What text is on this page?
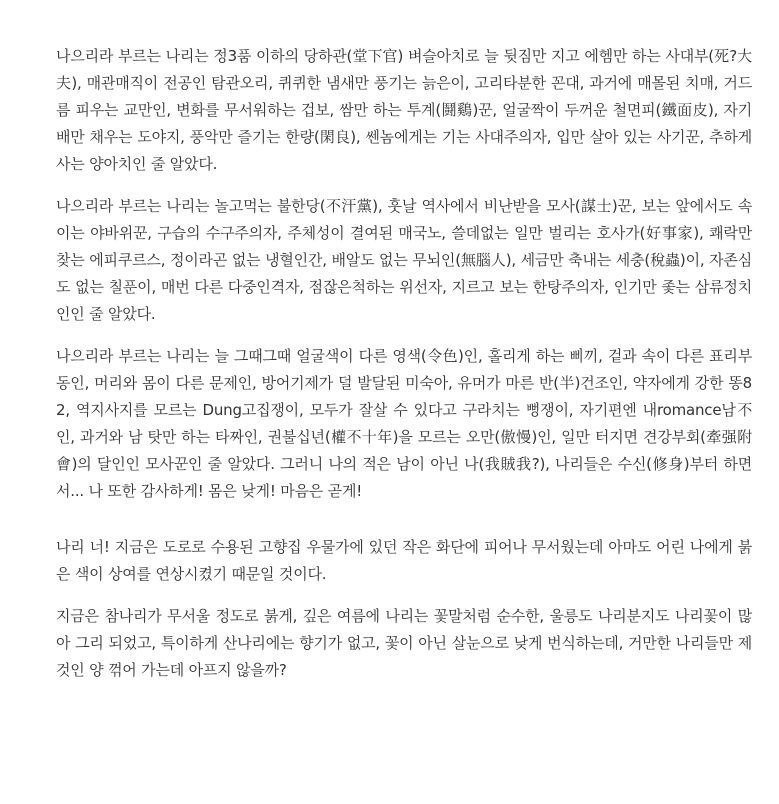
나으리라 부르는 나리는 정3품 이하의 당하관(堂下官) 벼슬아치로 늘 뒷짐만 지고 에헴만 하는 사대부(死?大夫), 매관매직이 전공인 탐관오리, 퀴퀴한 냄새만 풍기는 늙은이, 고리타분한 꼰대, 과거에 매몰된 치매, 거드름 피우는 교만인, 변화를 무서워하는 겁보, 쌈만 하는 투계(鬪鷄)꾼, 얼굴짝이 두꺼운 철면피(鐵面皮), 자기 배만 채우는 도야지, 풍악만 즐기는 한량(閑良), 쎈놈에게는 기는 사대주의자, 입만 살아 있는 사기꾼, 추하게 사는 양아치인 줄 알았다.

나으리라 부르는 나리는 놀고먹는 불한당(不汗黨), 훗날 역사에서 비난받을 모사(謀士)꾼, 보는 앞에서도 속이는 야바위꾼, 구습의 수구주의자, 주체성이 결여된 매국노, 쓸데없는 일만 벌리는 호사가(好事家), 쾌락만 찾는 에피쿠르스, 정이라곤 없는 냉혈인간, 배알도 없는 무뇌인(無腦人), 세금만 축내는 세충(稅蟲)이, 자존심도 없는 칠푼이, 매번 다른 다중인격자, 점잖은척하는 위선자, 지르고 보는 한탕주의자, 인기만 좇는 삼류정치인인 줄 알았다.

나으리라 부르는 나리는 늘 그때그때 얼굴색이 다른 영색(令色)인, 홀리게 하는 삐끼, 겉과 속이 다른 표리부동인, 머리와 몸이 다른 문제인, 방어기제가 덜 발달된 미숙아, 유머가 마른 반(半)건조인, 약자에게 강한 똥82, 역지사지를 모르는 Dung고집쟁이, 모두가 잘살 수 있다고 구라치는 뻥쟁이, 자기편엔 내romance남不인, 과거와 남 탓만 하는 타짜인, 권불십년(權不十年)을 모르는 오만(傲慢)인, 일만 터지면 견강부회(牽强附會)의 달인인 모사꾼인 줄 알았다. 그러니 나의 적은 남이 아닌 나(我賊我?), 나리들은 수신(修身)부터 하면서... 나 또한 감사하게! 몸은 낮게! 마음은 곧게!

나리 너! 지금은 도로로 수용된 고향집 우물가에 있던 작은 화단에 피어나 무서웠는데 아마도 어린 나에게 붉은 색이 상여를 연상시켰기 때문일 것이다.

지금은 참나리가 무서울 정도로 붉게, 깊은 여름에 나리는 꽃말처럼 순수한, 울릉도 나리분지도 나리꽃이 많아 그리 되었고, 특이하게 산나리에는 향기가 없고, 꽃이 아닌 살눈으로 낮게 번식하는데, 거만한 나리들만 제 것인 양 꺾어 가는데 아프지 않을까?
